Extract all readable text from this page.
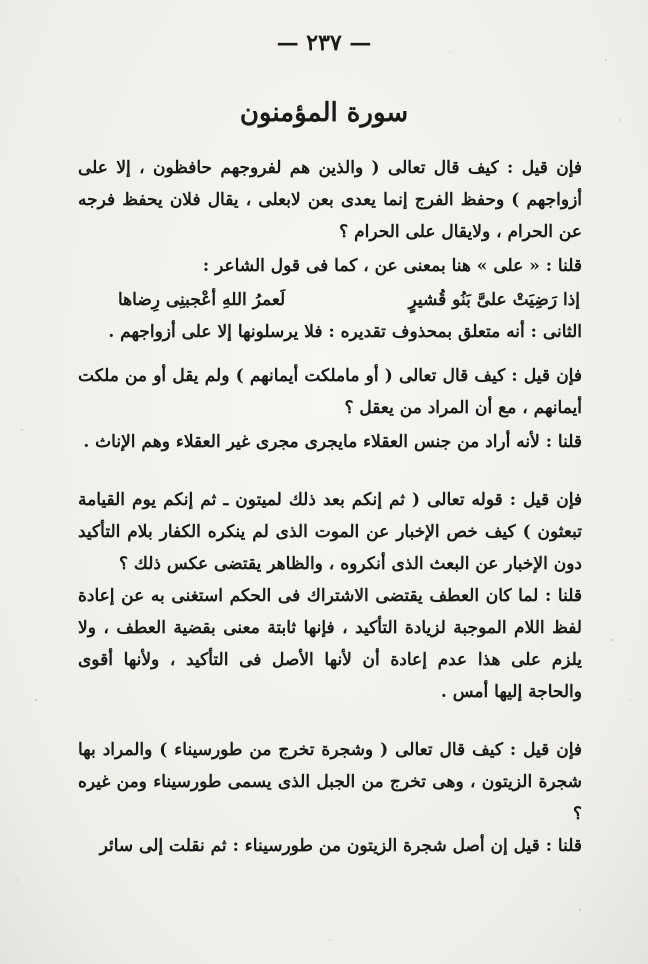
— ٢٣٧ —
سورة المؤمنون

فإن قيل : كيف قال تعالى ( والذين هم لفروجهم حافظون ، إلا على أزواجهم ) وحفظ الفرج إنما يعدى بعن لابعلى ، يقال فلان يحفظ فرجه عن الحرام ، ولايقال على الحرام ؟

قلنا : « على » هنا بمعنى عن ، كما فى قول الشاعر :

إذا رَضِيَتْ علىَّ بَنُو قُشيرٍ
لَعمرُ اللهِ أعْجبنِى رِضاها

الثانى : أنه متعلق بمحذوف تقديره : فلا يرسلونها إلا على أزواجهم .

فإن قيل : كيف قال تعالى ( أو ماملكت أيمانهم ) ولم يقل أو من ملكت أيمانهم ، مع أن المراد من يعقل ؟

قلنا : لأنه أراد من جنس العقلاء مايجرى مجرى غير العقلاء وهم الإناث .

فإن قيل : قوله تعالى ( ثم إنكم بعد ذلك لميتون ـ ثم إنكم يوم القيامة تبعثون ) كيف خص الإخبار عن الموت الذى لم ينكره الكفار بلام التأكيد دون الإخبار عن البعث الذى أنكروه ، والظاهر يقتضى عكس ذلك ؟

قلنا : لما كان العطف يقتضى الاشتراك فى الحكم استغنى به عن إعادة لفظ اللام الموجبة لزيادة التأكيد ، فإنها ثابتة معنى بقضية العطف ، ولا يلزم على هذا عدم إعادة أن لأنها الأصل فى التأكيد ، ولأنها أقوى والحاجة إليها أمس .

فإن قيل : كيف قال تعالى ( وشجرة تخرج من طورسيناء ) والمراد بها شجرة الزيتون ، وهى تخرج من الجبل الذى يسمى طورسيناء ومن غيره ؟

قلنا : قيل إن أصل شجرة الزيتون من طورسيناء : ثم نقلت إلى سائر
